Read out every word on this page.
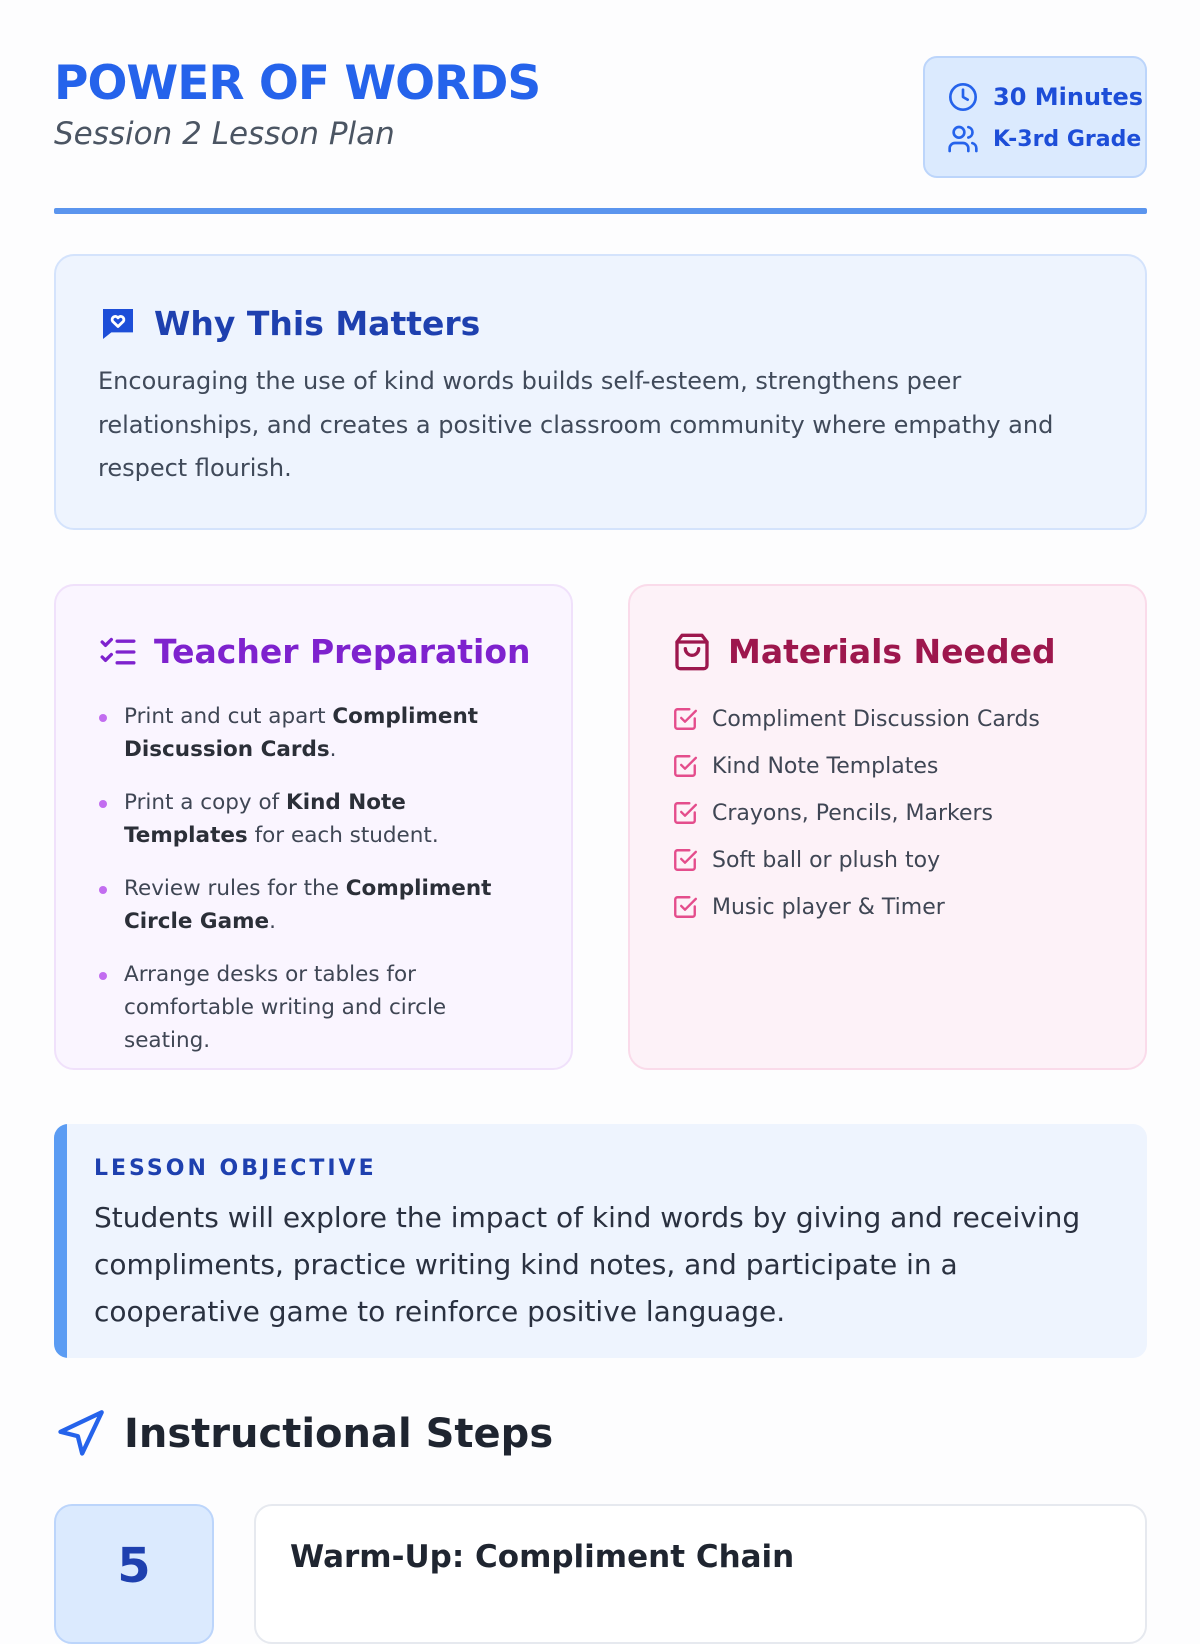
POWER OF WORDS
Session 2 Lesson Plan
30 Minutes
K-3rd Grade
Why This Matters

Encouraging the use of kind words builds self-esteem, strengthens peer relationships, and creates a positive classroom community where empathy and respect flourish.

Teacher Preparation
Print and cut apart Compliment Discussion Cards.
Print a copy of Kind Note Templates for each student.
Review rules for the Compliment Circle Game.
Arrange desks or tables for comfortable writing and circle seating.
Materials Needed
Compliment Discussion Cards
Kind Note Templates
Crayons, Pencils, Markers
Soft ball or plush toy
Music player & Timer
LESSON OBJECTIVE

Students will explore the impact of kind words by giving and receiving compliments, practice writing kind notes, and participate in a cooperative game to reinforce positive language.

Instructional Steps
5	Warm-Up: Compliment Chain
